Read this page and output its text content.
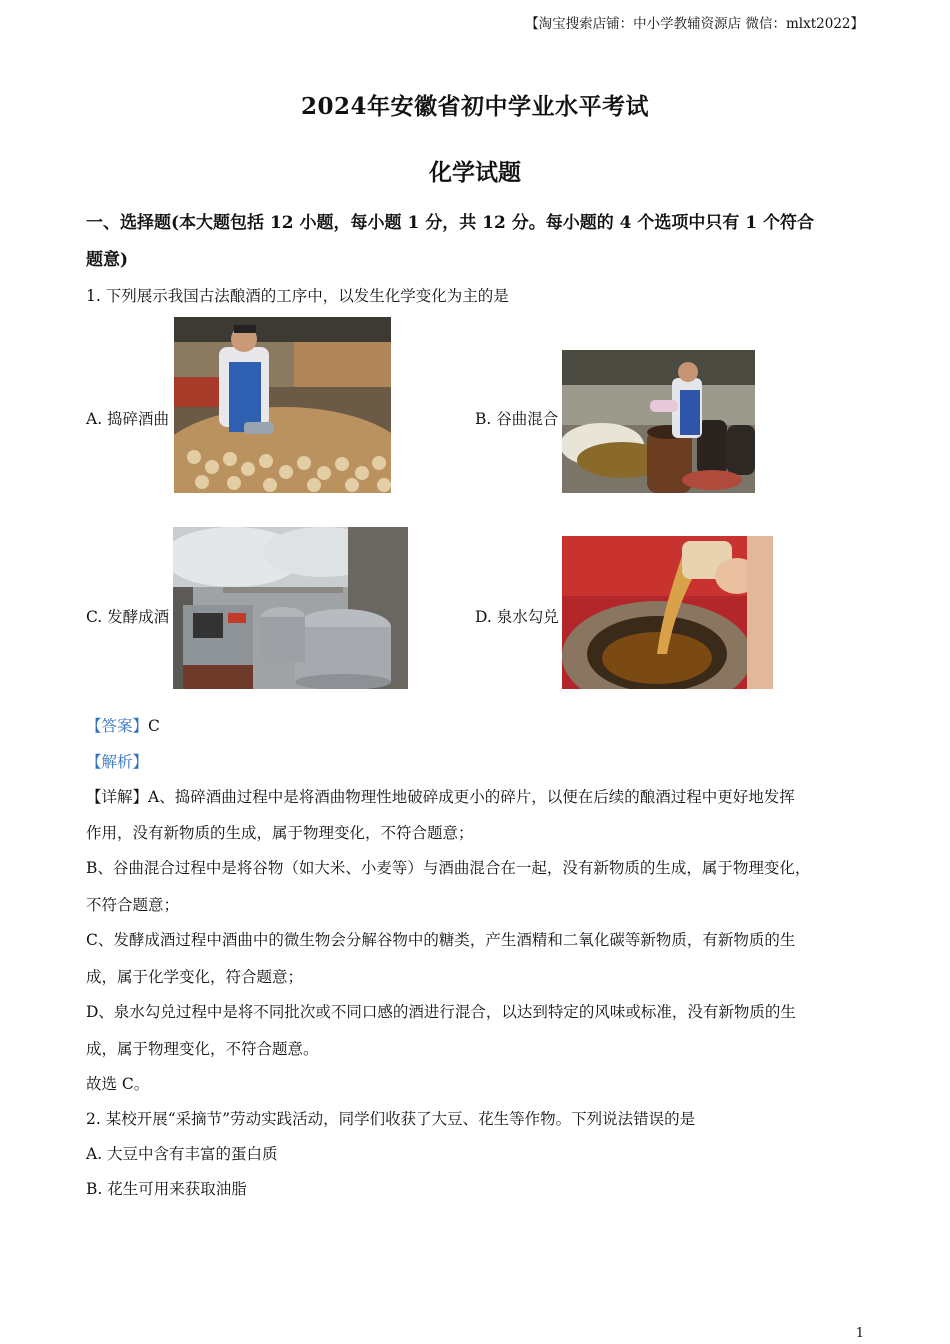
【淘宝搜索店铺：中小学教辅资源店 微信：mlxt2022】
2024年安徽省初中学业水平考试
化学试题
一、选择题(本大题包括 12 小题，每小题 1 分，共 12 分。每小题的 4 个选项中只有 1 个符合
题意)
1. 下列展示我国古法酿酒的工序中，以发生化学变化为主的是
A. 捣碎酒曲	B. 谷曲混合
C. 发酵成酒	D. 泉水勾兑
【答案】C
【解析】
【详解】A、捣碎酒曲过程中是将酒曲物理性地破碎成更小的碎片，以便在后续的酿酒过程中更好地发挥
作用，没有新物质的生成，属于物理变化，不符合题意；
B、谷曲混合过程中是将谷物（如大米、小麦等）与酒曲混合在一起，没有新物质的生成，属于物理变化，
不符合题意；
C、发酵成酒过程中酒曲中的微生物会分解谷物中的糖类，产生酒精和二氧化碳等新物质，有新物质的生
成，属于化学变化，符合题意；
D、泉水勾兑过程中是将不同批次或不同口感的酒进行混合，以达到特定的风味或标准，没有新物质的生
成，属于物理变化，不符合题意。
故选 C。
2. 某校开展“采摘节”劳动实践活动，同学们收获了大豆、花生等作物。下列说法错误的是
A. 大豆中含有丰富的蛋白质
B. 花生可用来获取油脂
1
